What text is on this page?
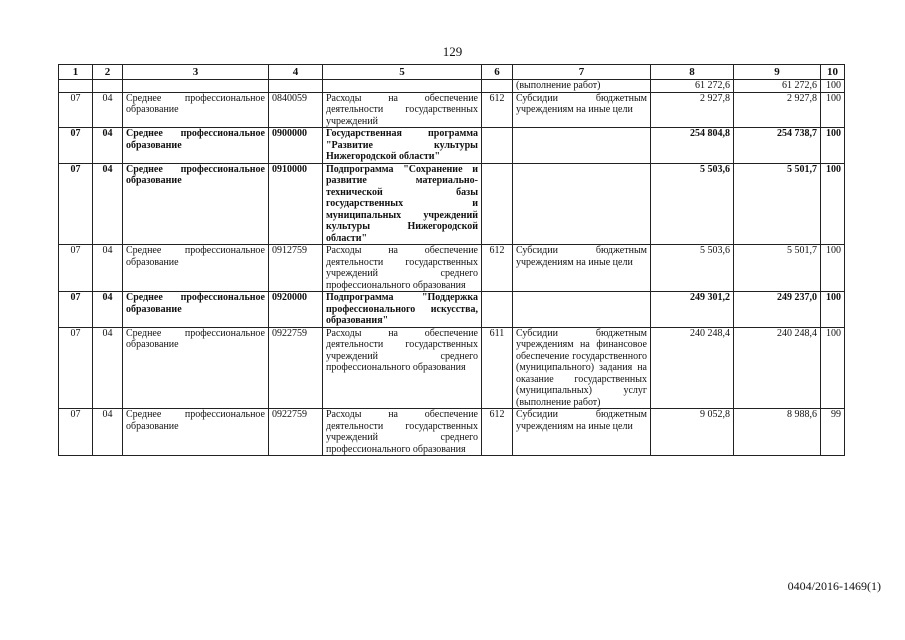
129
1	2	3	4	5	6	7	8	9	10
						(выполнение работ)	61 272,6	61 272,6	100
07	04	Среднее профессиональное образование	0840059	Расходы на обеспечение деятельности государственных учреждений	612	Субсидии бюджетным учреждениям на иные цели	2 927,8	2 927,8	100
07	04	Среднее профессиональное образование	0900000	Государственная программа "Развитие культуры Нижегородской области"			254 804,8	254 738,7	100
07	04	Среднее профессиональное образование	0910000	Подпрограмма "Сохранение и развитие материально-технической базы государственных и муниципальных учреждений культуры Нижегородской области"			5 503,6	5 501,7	100
07	04	Среднее профессиональное образование	0912759	Расходы на обеспечение деятельности государственных учреждений среднего профессионального образования	612	Субсидии бюджетным учреждениям на иные цели	5 503,6	5 501,7	100
07	04	Среднее профессиональное образование	0920000	Подпрограмма "Поддержка профессионального искусства, образования"			249 301,2	249 237,0	100
07	04	Среднее профессиональное образование	0922759	Расходы на обеспечение деятельности государственных учреждений среднего профессионального образования	611	Субсидии бюджетным учреждениям на финансовое обеспечение государственного (муниципального) задания на оказание государственных (муниципальных) услуг (выполнение работ)	240 248,4	240 248,4	100
07	04	Среднее профессиональное образование	0922759	Расходы на обеспечение деятельности государственных учреждений среднего профессионального образования	612	Субсидии бюджетным учреждениям на иные цели	9 052,8	8 988,6	99
0404/2016-1469(1)
